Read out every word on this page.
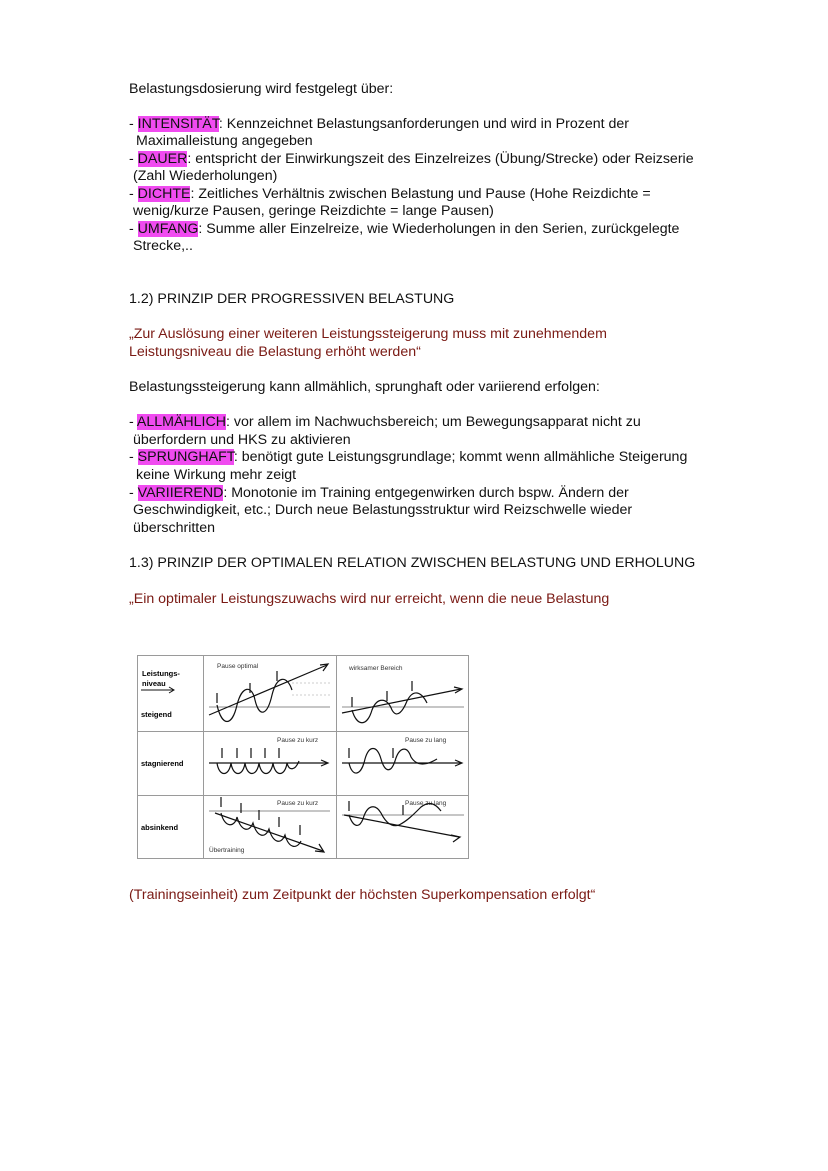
Belastungsdosierung wird festgelegt über:
- INTENSITÄT: Kennzeichnet Belastungsanforderungen und wird in Prozent der
Maximalleistung angegeben
- DAUER: entspricht der Einwirkungszeit des Einzelreizes (Übung/Strecke) oder Reizserie
(Zahl Wiederholungen)
- DICHTE: Zeitliches Verhältnis zwischen Belastung und Pause (Hohe Reizdichte =
wenig/kurze Pausen, geringe Reizdichte = lange Pausen)
- UMFANG: Summe aller Einzelreize, wie Wiederholungen in den Serien, zurückgelegte
Strecke,..
1.2) PRINZIP DER PROGRESSIVEN BELASTUNG
„Zur Auslösung einer weiteren Leistungssteigerung muss mit zunehmendem
Leistungsniveau die Belastung erhöht werden“
Belastungssteigerung kann allmählich, sprunghaft oder variierend erfolgen:
- ALLMÄHLICH: vor allem im Nachwuchsbereich; um Bewegungsapparat nicht zu
überfordern und HKS zu aktivieren
- SPRUNGHAFT: benötigt gute Leistungsgrundlage; kommt wenn allmähliche Steigerung
keine Wirkung mehr zeigt
- VARIIEREND: Monotonie im Training entgegenwirken durch bspw. Ändern der
Geschwindigkeit, etc.; Durch neue Belastungsstruktur wird Reizschwelle wieder
überschritten
1.3) PRINZIP DER OPTIMALEN RELATION ZWISCHEN BELASTUNG UND ERHOLUNG
„Ein optimaler Leistungszuwachs wird nur erreicht, wenn die neue Belastung
Leistungs-
niveau
steigend
stagnierend
absinkend
Pause optimal	wirksamer Bereich
Pause zu kurz	Pause zu lang
Pause zu kurz	Pause zu lang
Übertraining
(Trainingseinheit) zum Zeitpunkt der höchsten Superkompensation erfolgt“
